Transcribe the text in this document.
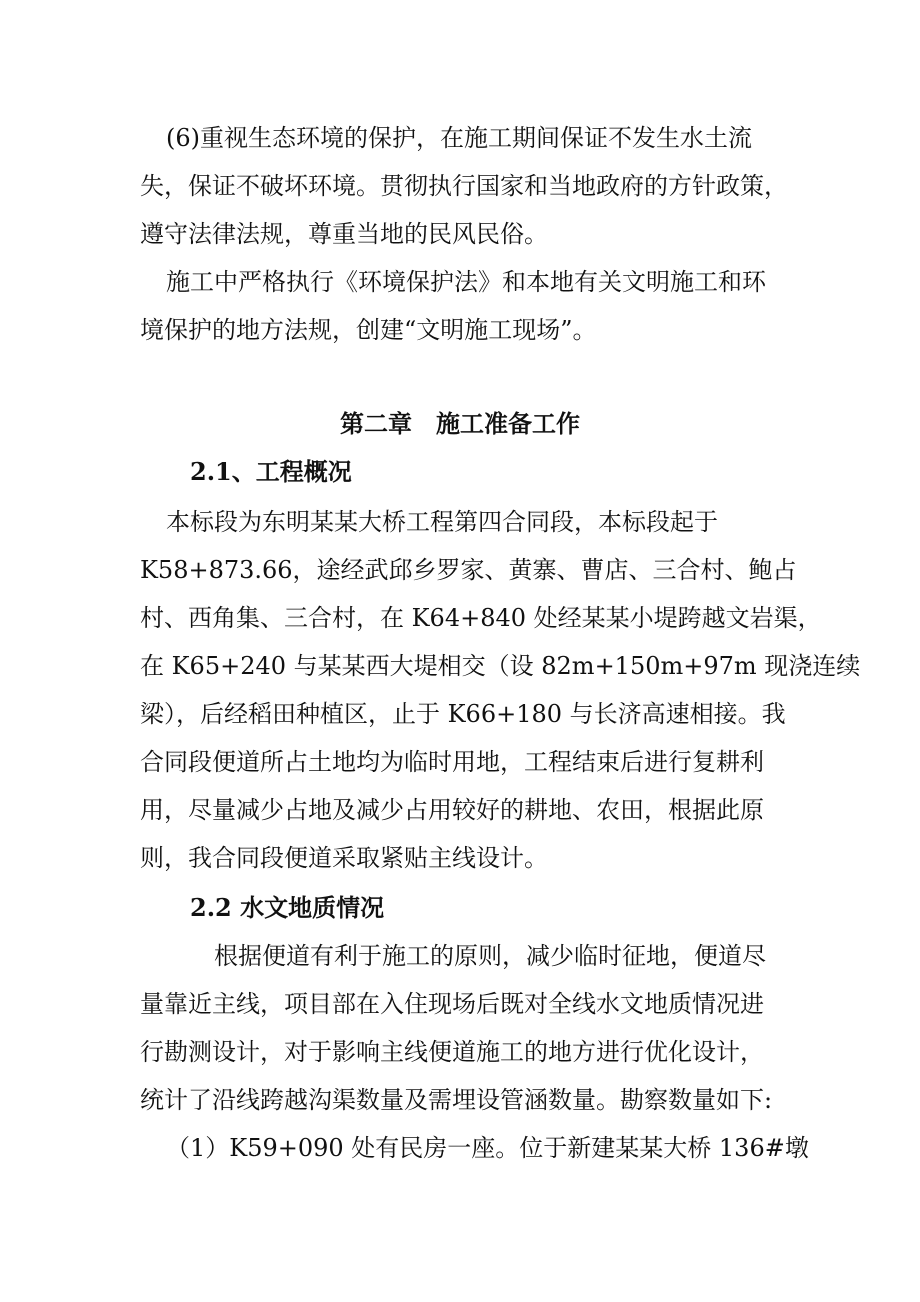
(6)重视生态环境的保护，在施工期间保证不发生水土流
失，保证不破坏环境。贯彻执行国家和当地政府的方针政策，
遵守法律法规，尊重当地的民风民俗。
施工中严格执行《环境保护法》和本地有关文明施工和环
境保护的地方法规，创建“文明施工现场”。
第二章　施工准备工作
2.1、工程概况
本标段为东明某某大桥工程第四合同段，本标段起于
K58+873.66，途经武邱乡罗家、黄寨、曹店、三合村、鲍占
村、西角集、三合村，在 K64+840 处经某某小堤跨越文岩渠，
在 K65+240 与某某西大堤相交（设 82m+150m+97m 现浇连续
梁），后经稻田种植区，止于 K66+180 与长济高速相接。我
合同段便道所占土地均为临时用地，工程结束后进行复耕利
用，尽量减少占地及减少占用较好的耕地、农田，根据此原
则，我合同段便道采取紧贴主线设计。
2.2 水文地质情况
根据便道有利于施工的原则，减少临时征地，便道尽
量靠近主线，项目部在入住现场后既对全线水文地质情况进
行勘测设计，对于影响主线便道施工的地方进行优化设计，
统计了沿线跨越沟渠数量及需埋设管涵数量。勘察数量如下:
（1）K59+090 处有民房一座。位于新建某某大桥 136#墩
